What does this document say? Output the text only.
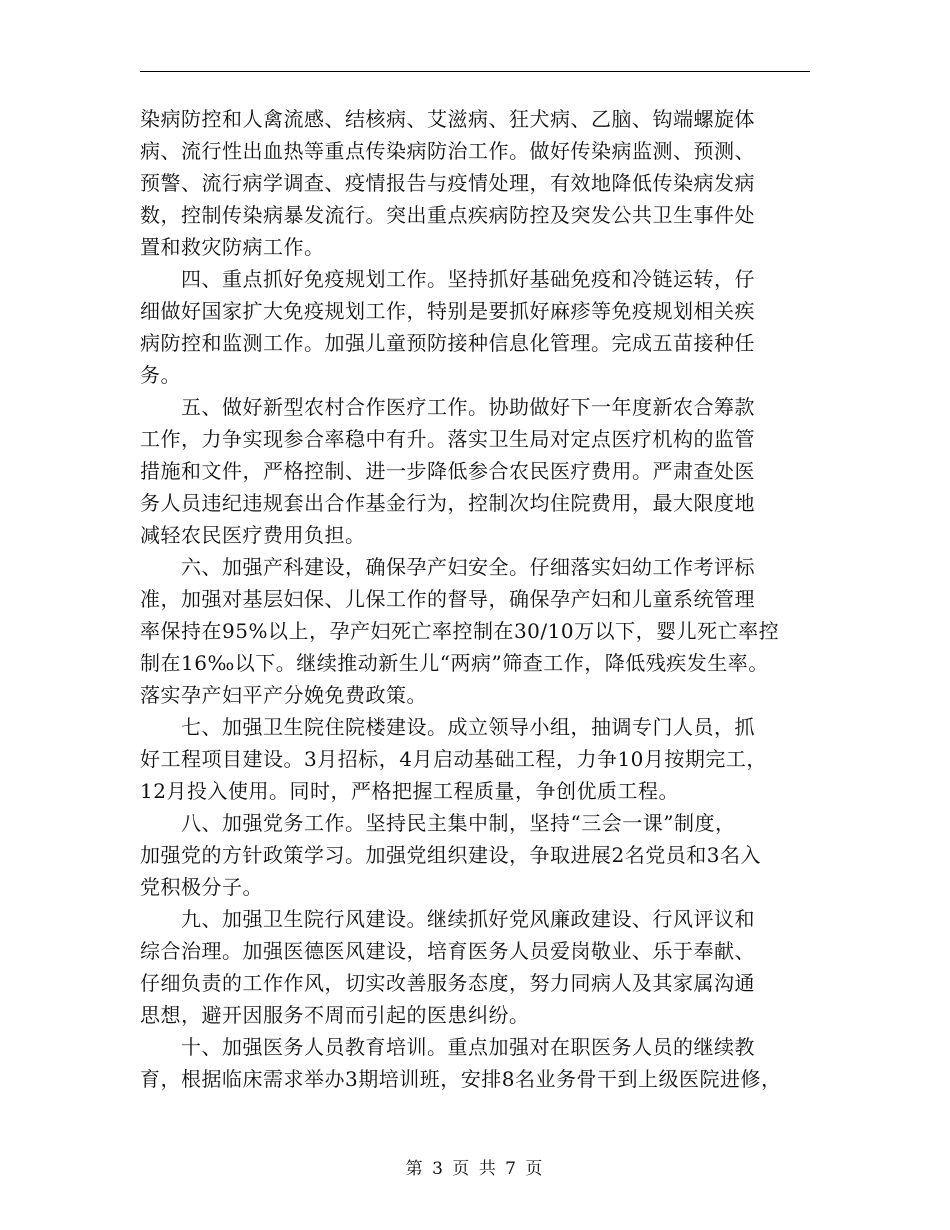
染病防控和人禽流感、结核病、艾滋病、狂犬病、乙脑、钩端螺旋体
病、流行性出血热等重点传染病防治工作。做好传染病监测、预测、
预警、流行病学调查、疫情报告与疫情处理，有效地降低传染病发病
数，控制传染病暴发流行。突出重点疾病防控及突发公共卫生事件处
置和救灾防病工作。
　　四、重点抓好免疫规划工作。坚持抓好基础免疫和冷链运转，仔
细做好国家扩大免疫规划工作，特别是要抓好麻疹等免疫规划相关疾
病防控和监测工作。加强儿童预防接种信息化管理。完成五苗接种任
务。
　　五、做好新型农村合作医疗工作。协助做好下一年度新农合筹款
工作，力争实现参合率稳中有升。落实卫生局对定点医疗机构的监管
措施和文件，严格控制、进一步降低参合农民医疗费用。严肃查处医
务人员违纪违规套出合作基金行为，控制次均住院费用，最大限度地
减轻农民医疗费用负担。
　　六、加强产科建设，确保孕产妇安全。仔细落实妇幼工作考评标
准，加强对基层妇保、儿保工作的督导，确保孕产妇和儿童系统管理
率保持在95%以上，孕产妇死亡率控制在30/10万以下，婴儿死亡率控
制在16‰以下。继续推动新生儿“两病”筛查工作，降低残疾发生率。
落实孕产妇平产分娩免费政策。
　　七、加强卫生院住院楼建设。成立领导小组，抽调专门人员，抓
好工程项目建设。3月招标，4月启动基础工程，力争10月按期完工，
12月投入使用。同时，严格把握工程质量，争创优质工程。
　　八、加强党务工作。坚持民主集中制，坚持“三会一课”制度，
加强党的方针政策学习。加强党组织建设，争取进展2名党员和3名入
党积极分子。
　　九、加强卫生院行风建设。继续抓好党风廉政建设、行风评议和
综合治理。加强医德医风建设，培育医务人员爱岗敬业、乐于奉献、
仔细负责的工作作风，切实改善服务态度，努力同病人及其家属沟通
思想，避开因服务不周而引起的医患纠纷。
　　十、加强医务人员教育培训。重点加强对在职医务人员的继续教
育，根据临床需求举办3期培训班，安排8名业务骨干到上级医院进修，
第 3 页 共 7 页
